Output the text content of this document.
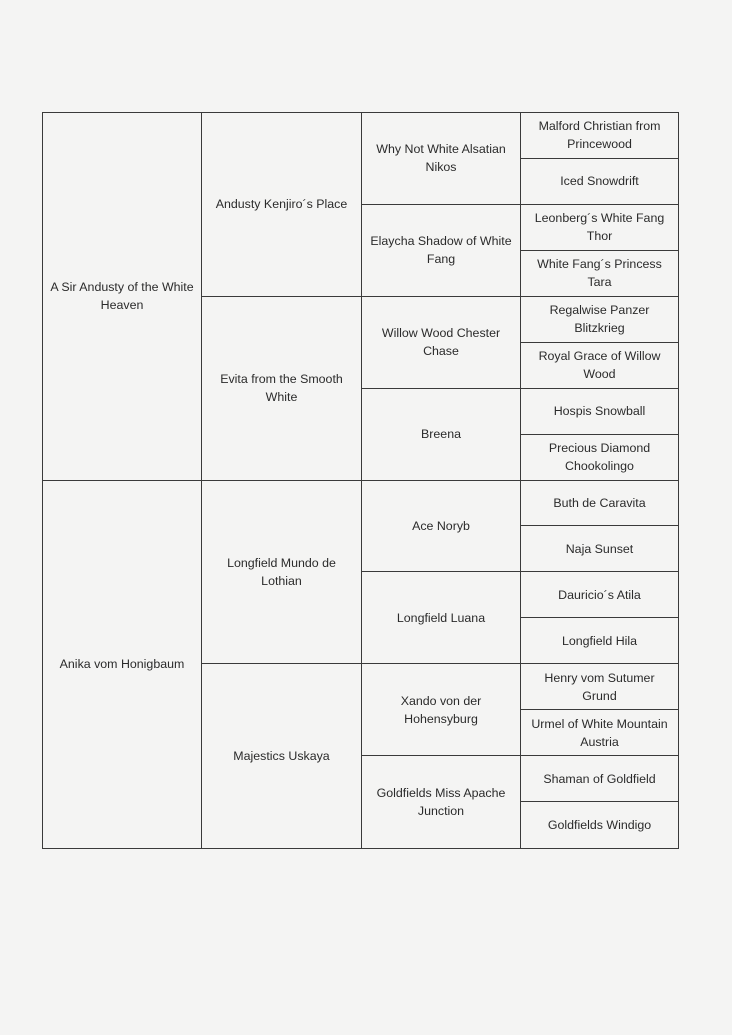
A Sir Andusty of the White Heaven
Anika vom Honigbaum
Andusty Kenjiro´s Place
Evita from the Smooth White
Longfield Mundo de Lothian
Majestics Uskaya
Why Not White Alsatian Nikos
Elaycha Shadow of White Fang
Willow Wood Chester Chase
Breena
Ace Noryb
Longfield Luana
Xando von der Hohensyburg
Goldfields Miss Apache Junction
Malford Christian from Princewood
Iced Snowdrift
Leonberg´s White Fang Thor
White Fang´s Princess Tara
Regalwise Panzer Blitzkrieg
Royal Grace of Willow Wood
Hospis Snowball
Precious Diamond Chookolingo
Buth de Caravita
Naja Sunset
Dauricio´s Atila
Longfield Hila
Henry vom Sutumer Grund
Urmel of White Mountain Austria
Shaman of Goldfield
Goldfields Windigo
